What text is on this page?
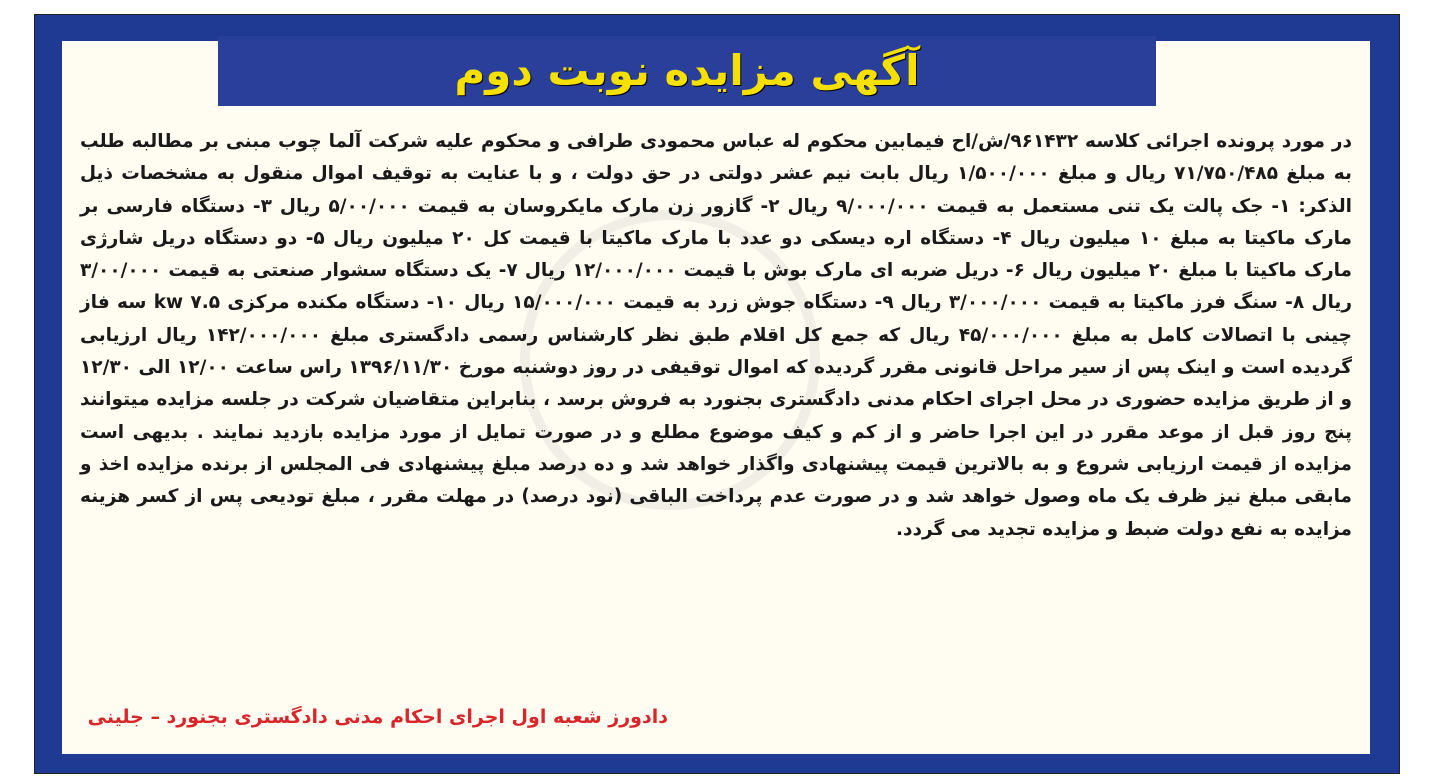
آگهی مزایده نوبت دوم

در مورد پرونده اجرائی کلاسه ۹۶۱۴۳۲/ش/اح فیمابین محکوم له عباس محمودی طرافی و محکوم علیه شرکت آلما چوب مبنی بر مطالبه طلب به مبلغ ۷۱/۷۵۰/۴۸۵ ریال و مبلغ ۱/۵۰۰/۰۰۰ ریال بابت نیم عشر دولتی در حق دولت ، و با عنایت به توقیف اموال منقول به مشخصات ذیل الذکر: ۱- جک پالت یک تنی مستعمل به قیمت ۹/۰۰۰/۰۰۰ ریال ۲- گازور زن مارک مایکروسان به قیمت ۵/۰۰/۰۰۰ ریال ۳- دستگاه فارسی بر مارک ماکیتا به مبلغ ۱۰ میلیون ریال ۴- دستگاه اره دیسکی دو عدد با مارک ماکیتا با قیمت کل ۲۰ میلیون ریال ۵- دو دستگاه دریل شارژی مارک ماکیتا با مبلغ ۲۰ میلیون ریال ۶- دریل ضربه ای مارک بوش با قیمت ۱۲/۰۰۰/۰۰۰ ریال ۷- یک دستگاه سشوار صنعتی به قیمت ۳/۰۰/۰۰۰ ریال ۸- سنگ فرز ماکیتا به قیمت ۳/۰۰۰/۰۰۰ ریال ۹- دستگاه جوش زرد به قیمت ۱۵/۰۰۰/۰۰۰ ریال ۱۰- دستگاه مکنده مرکزی ۷.۵ kw سه فاز چینی با اتصالات کامل به مبلغ ۴۵/۰۰۰/۰۰۰ ریال که جمع کل اقلام طبق نظر کارشناس رسمی دادگستری مبلغ ۱۴۲/۰۰۰/۰۰۰ ریال ارزیابی گردیده است و اینک پس از سیر مراحل قانونی مقرر گردیده که اموال توقیفی در روز دوشنبه مورخ ۱۳۹۶/۱۱/۳۰ راس ساعت ۱۲/۰۰ الی ۱۲/۳۰ و از طریق مزایده حضوری در محل اجرای احکام مدنی دادگستری بجنورد به فروش برسد ، بنابراین متقاضیان شرکت در جلسه مزایده میتوانند پنج روز قبل از موعد مقرر در این اجرا حاضر و از کم و کیف موضوع مطلع و در صورت تمایل از مورد مزایده بازدید نمایند . بدیهی است مزایده از قیمت ارزیابی شروع و به بالاترین قیمت پیشنهادی واگذار خواهد شد و ده درصد مبلغ پیشنهادی فی المجلس از برنده مزایده اخذ و مابقی مبلغ نیز ظرف یک ماه وصول خواهد شد و در صورت عدم پرداخت الباقی (نود درصد) در مهلت مقرر ، مبلغ تودیعی پس از کسر هزینه مزایده به نفع دولت ضبط و مزایده تجدید می گردد.

دادورز شعبه اول اجرای احکام مدنی دادگستری بجنورد – جلینی
